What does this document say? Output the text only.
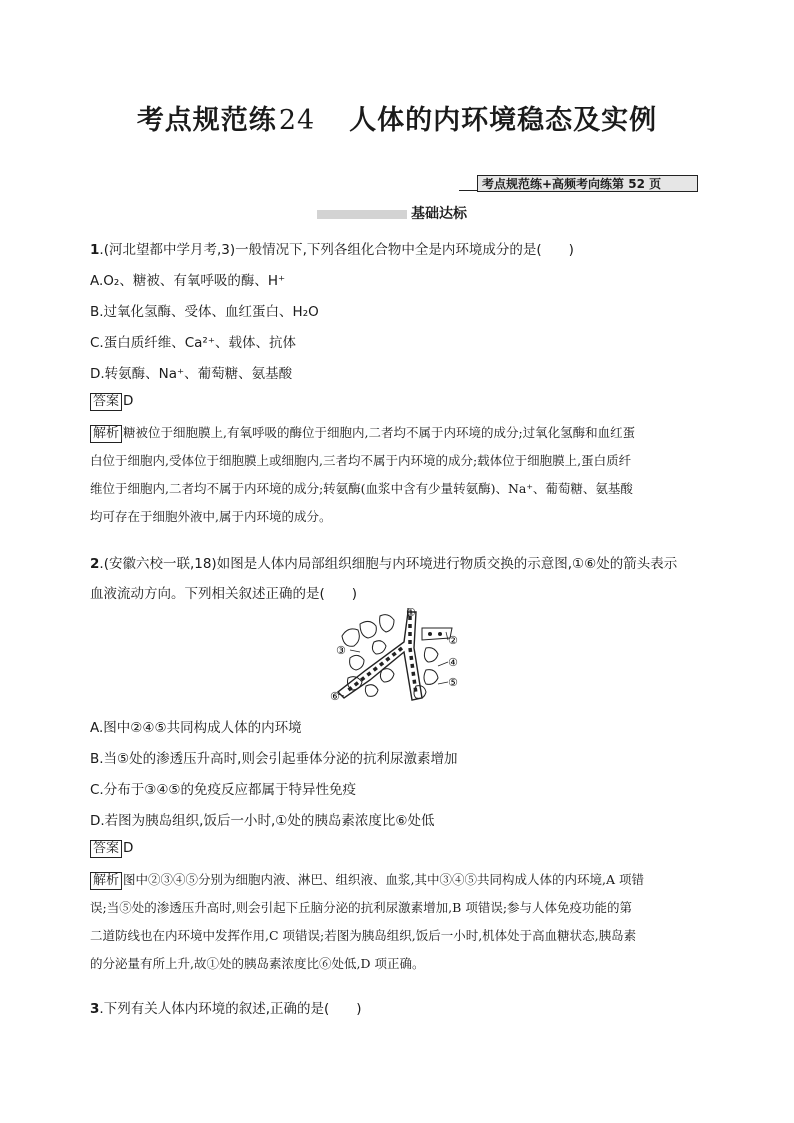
考点规范练24 人体的内环境稳态及实例
考点规范练+高频考向练第 52 页
基础达标
1.(河北望都中学月考,3)一般情况下,下列各组化合物中全是内环境成分的是(　　)
A.O₂、糖被、有氧呼吸的酶、H⁺
B.过氧化氢酶、受体、血红蛋白、H₂O
C.蛋白质纤维、Ca²⁺、载体、抗体
D.转氨酶、Na⁺、葡萄糖、氨基酸
答案 D
解析 糖被位于细胞膜上,有氧呼吸的酶位于细胞内,二者均不属于内环境的成分;过氧化氢酶和血红蛋
白位于细胞内,受体位于细胞膜上或细胞内,三者均不属于内环境的成分;载体位于细胞膜上,蛋白质纤
维位于细胞内,二者均不属于内环境的成分;转氨酶(血浆中含有少量转氨酶)、Na⁺、葡萄糖、氨基酸
均可存在于细胞外液中,属于内环境的成分。
2.(安徽六校一联,18)如图是人体内局部组织细胞与内环境进行物质交换的示意图,①⑥处的箭头表示
血液流动方向。下列相关叙述正确的是(　　)
①
②
③
④
⑤
⑥
A.图中②④⑤共同构成人体的内环境
B.当⑤处的渗透压升高时,则会引起垂体分泌的抗利尿激素增加
C.分布于③④⑤的免疫反应都属于特异性免疫
D.若图为胰岛组织,饭后一小时,①处的胰岛素浓度比⑥处低
答案 D
解析 图中②③④⑤分别为细胞内液、淋巴、组织液、血浆,其中③④⑤共同构成人体的内环境,A 项错
误;当⑤处的渗透压升高时,则会引起下丘脑分泌的抗利尿激素增加,B 项错误;参与人体免疫功能的第
二道防线也在内环境中发挥作用,C 项错误;若图为胰岛组织,饭后一小时,机体处于高血糖状态,胰岛素
的分泌量有所上升,故①处的胰岛素浓度比⑥处低,D 项正确。
3.下列有关人体内环境的叙述,正确的是(　　)
